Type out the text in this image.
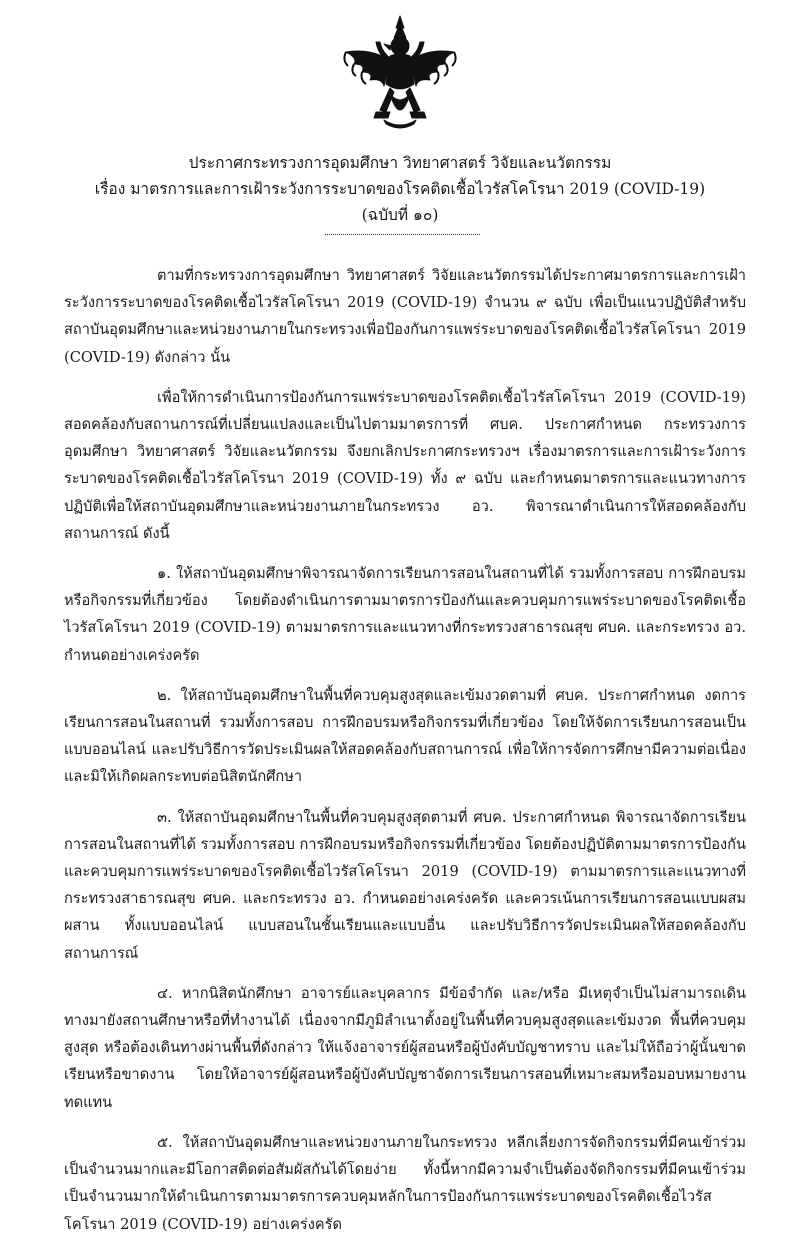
ประกาศกระทรวงการอุดมศึกษา วิทยาศาสตร์ วิจัยและนวัตกรรม
เรื่อง มาตรการและการเฝ้าระวังการระบาดของโรคติดเชื้อไวรัสโคโรนา 2019 (COVID-19)
(ฉบับที่ ๑๐)

ตามที่กระทรวงการอุดมศึกษา วิทยาศาสตร์ วิจัยและนวัตกรรมได้ประกาศมาตรการและการเฝ้าระวังการระบาดของโรคติดเชื้อไวรัสโคโรนา 2019 (COVID-19) จำนวน ๙ ฉบับ เพื่อเป็นแนวปฏิบัติสำหรับสถาบันอุดมศึกษาและหน่วยงานภายในกระทรวงเพื่อป้องกันการแพร่ระบาดของโรคติดเชื้อไวรัสโคโรนา 2019 (COVID-19) ดังกล่าว นั้น

เพื่อให้การดำเนินการป้องกันการแพร่ระบาดของโรคติดเชื้อไวรัสโคโรนา 2019 (COVID-19) สอดคล้องกับสถานการณ์ที่เปลี่ยนแปลงและเป็นไปตามมาตรการที่ ศบค. ประกาศกำหนด กระทรวงการอุดมศึกษา วิทยาศาสตร์ วิจัยและนวัตกรรม จึงยกเลิกประกาศกระทรวงฯ เรื่องมาตรการและการเฝ้าระวังการระบาดของโรคติดเชื้อไวรัสโคโรนา 2019 (COVID-19) ทั้ง ๙ ฉบับ และกำหนดมาตรการและแนวทางการปฏิบัติเพื่อให้สถาบันอุดมศึกษาและหน่วยงานภายในกระทรวง อว. พิจารณาดำเนินการให้สอดคล้องกับสถานการณ์ ดังนี้

๑. ให้สถาบันอุดมศึกษาพิจารณาจัดการเรียนการสอนในสถานที่ได้ รวมทั้งการสอบ การฝึกอบรมหรือกิจกรรมที่เกี่ยวข้อง โดยต้องดำเนินการตามมาตรการป้องกันและควบคุมการแพร่ระบาดของโรคติดเชื้อไวรัสโคโรนา 2019 (COVID-19) ตามมาตรการและแนวทางที่กระทรวงสาธารณสุข ศบค. และกระทรวง อว. กำหนดอย่างเคร่งครัด

๒. ให้สถาบันอุดมศึกษาในพื้นที่ควบคุมสูงสุดและเข้มงวดตามที่ ศบค. ประกาศกำหนด งดการเรียนการสอนในสถานที่ รวมทั้งการสอบ การฝึกอบรมหรือกิจกรรมที่เกี่ยวข้อง โดยให้จัดการเรียนการสอนเป็นแบบออนไลน์ และปรับวิธีการวัดประเมินผลให้สอดคล้องกับสถานการณ์ เพื่อให้การจัดการศึกษามีความต่อเนื่องและมิให้เกิดผลกระทบต่อนิสิตนักศึกษา

๓. ให้สถาบันอุดมศึกษาในพื้นที่ควบคุมสูงสุดตามที่ ศบค. ประกาศกำหนด พิจารณาจัดการเรียนการสอนในสถานที่ได้ รวมทั้งการสอบ การฝึกอบรมหรือกิจกรรมที่เกี่ยวข้อง โดยต้องปฏิบัติตามมาตรการป้องกันและควบคุมการแพร่ระบาดของโรคติดเชื้อไวรัสโคโรนา 2019 (COVID-19) ตามมาตรการและแนวทางที่กระทรวงสาธารณสุข ศบค. และกระทรวง อว. กำหนดอย่างเคร่งครัด และควรเน้นการเรียนการสอนแบบผสมผสาน ทั้งแบบออนไลน์ แบบสอนในชั้นเรียนและแบบอื่น และปรับวิธีการวัดประเมินผลให้สอดคล้องกับสถานการณ์

๔. หากนิสิตนักศึกษา อาจารย์และบุคลากร มีข้อจำกัด และ/หรือ มีเหตุจำเป็นไม่สามารถเดินทางมายังสถานศึกษาหรือที่ทำงานได้ เนื่องจากมีภูมิลำเนาตั้งอยู่ในพื้นที่ควบคุมสูงสุดและเข้มงวด พื้นที่ควบคุมสูงสุด หรือต้องเดินทางผ่านพื้นที่ดังกล่าว ให้แจ้งอาจารย์ผู้สอนหรือผู้บังคับบัญชาทราบ และไม่ให้ถือว่าผู้นั้นขาดเรียนหรือขาดงาน โดยให้อาจารย์ผู้สอนหรือผู้บังคับบัญชาจัดการเรียนการสอนที่เหมาะสมหรือมอบหมายงานทดแทน

๕. ให้สถาบันอุดมศึกษาและหน่วยงานภายในกระทรวง หลีกเลี่ยงการจัดกิจกรรมที่มีคนเข้าร่วมเป็นจำนวนมากและมีโอกาสติดต่อสัมผัสกันได้โดยง่าย ทั้งนี้หากมีความจำเป็นต้องจัดกิจกรรมที่มีคนเข้าร่วมเป็นจำนวนมากให้ดำเนินการตามมาตรการควบคุมหลักในการป้องกันการแพร่ระบาดของโรคติดเชื้อไวรัสโคโรนา 2019 (COVID-19) อย่างเคร่งครัด
